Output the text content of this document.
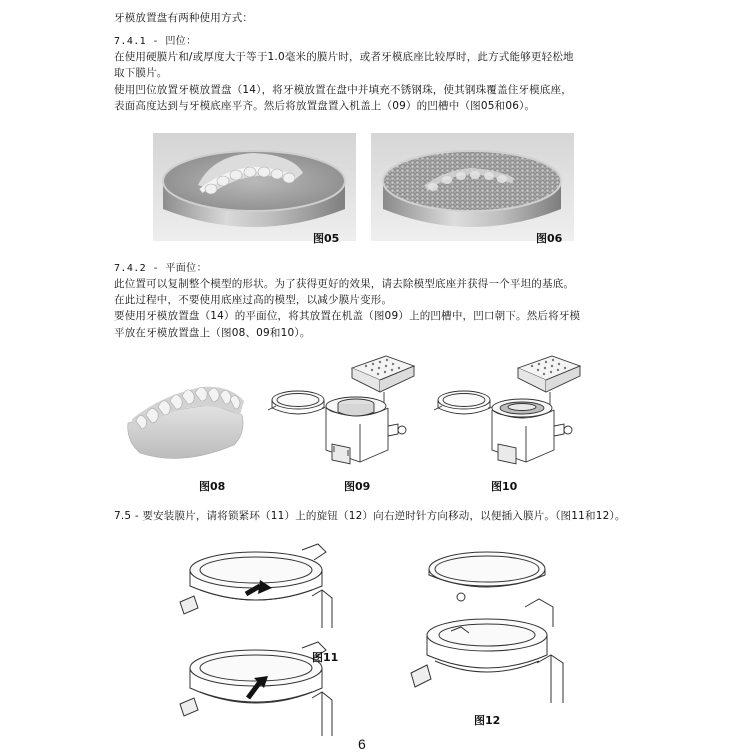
牙模放置盘有两种使用方式：
7.4.1 - 凹位：
在使用硬膜片和/或厚度大于等于1.0毫米的膜片时，或者牙模底座比较厚时，此方式能够更轻松地
取下膜片。
使用凹位放置牙模放置盘（14），将牙模放置在盘中并填充不锈钢珠，使其钢珠覆盖住牙模底座，
表面高度达到与牙模底座平齐。然后将放置盘置入机盖上（09）的凹槽中（图05和06）。
图05	图06
7.4.2 - 平面位：
此位置可以复制整个模型的形状。为了获得更好的效果，请去除模型底座并获得一个平坦的基底。
在此过程中，不要使用底座过高的模型，以减少膜片变形。
要使用牙模放置盘（14）的平面位，将其放置在机盖（图09）上的凹槽中，凹口朝下。然后将牙模
平放在牙模放置盘上（图08、09和10）。
图08	图09	图10
7.5 - 要安装膜片，请将锁紧环（11）上的旋钮（12）向右逆时针方向移动，以便插入膜片。（图11和12）。
图11
图12
6
